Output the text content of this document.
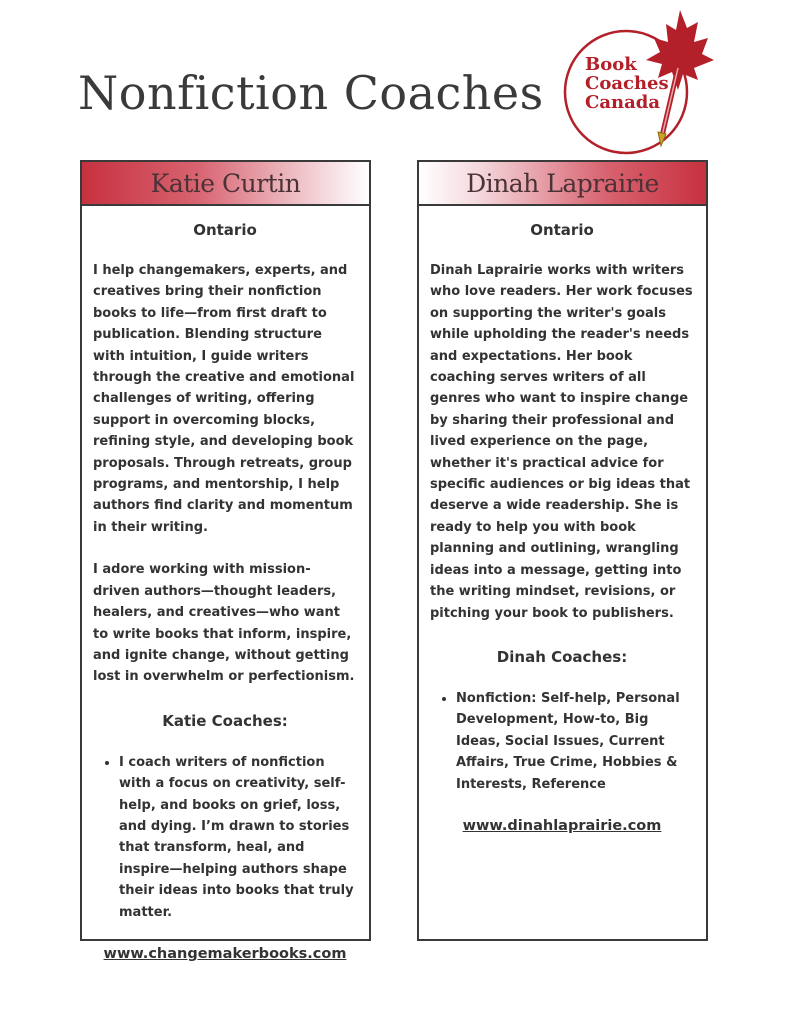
Nonfiction Coaches
Book
Coaches
Canada
Katie Curtin
Ontario

I help changemakers, experts, and creatives bring their nonfiction books to life—from first draft to publication. Blending structure with intuition, I guide writers through the creative and emotional challenges of writing, offering support in overcoming blocks, refining style, and developing book proposals. Through retreats, group programs, and mentorship, I help authors find clarity and momentum in their writing.

I adore working with mission-driven authors—thought leaders, healers, and creatives—who want to write books that inform, inspire, and ignite change, without getting lost in overwhelm or perfectionism.

Katie Coaches:
• I coach writers of nonfiction with a focus on creativity, self-help, and books on grief, loss, and dying. I’m drawn to stories that transform, heal, and inspire—helping authors shape their ideas into books that truly matter.
www.changemakerbooks.com
Dinah Laprairie
Ontario

Dinah Laprairie works with writers who love readers. Her work focuses on supporting the writer's goals while upholding the reader's needs and expectations. Her book coaching serves writers of all genres who want to inspire change by sharing their professional and lived experience on the page, whether it's practical advice for specific audiences or big ideas that deserve a wide readership. She is ready to help you with book planning and outlining, wrangling ideas into a message, getting into the writing mindset, revisions, or pitching your book to publishers.

Dinah Coaches:
• Nonfiction: Self-help, Personal Development, How-to, Big Ideas, Social Issues, Current Affairs, True Crime, Hobbies & Interests, Reference
www.dinahlaprairie.com
